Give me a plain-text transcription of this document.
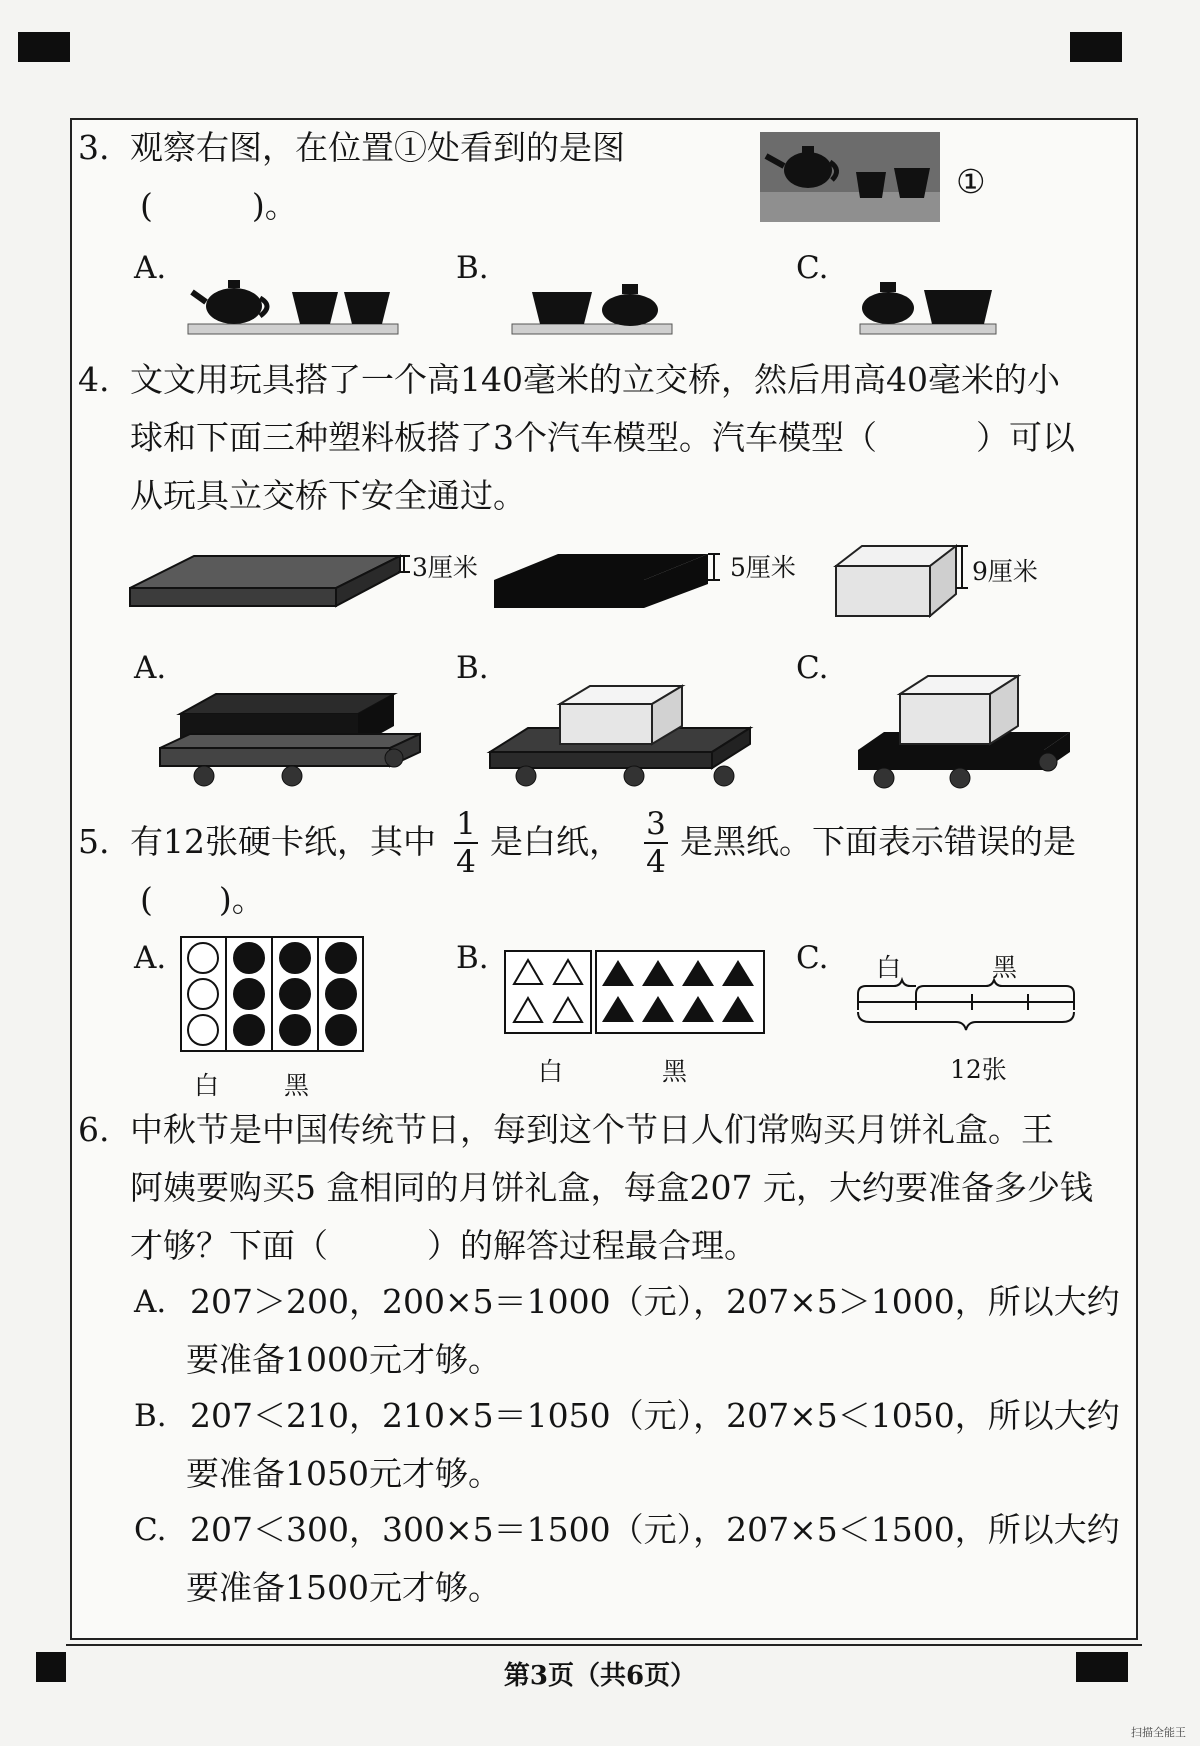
3. 观察右图，在位置①处看到的是图
(　　　)。
①
A.	B.	C.
4. 文文用玩具搭了一个高140毫米的立交桥，然后用高40毫米的小
球和下面三种塑料板搭了3个汽车模型。汽车模型（　　　）可以
从玩具立交桥下安全通过。
3厘米	5厘米	9厘米
A.	B.	C.
5. 有12张硬卡纸，其中 1
4
是白纸， 3
4
是黑纸。下面表示错误的是
(　　)。
A.
白	黑
B.
白	黑
C. 白	黑
12张
6. 中秋节是中国传统节日，每到这个节日人们常购买月饼礼盒。王
阿姨要购买5 盒相同的月饼礼盒，每盒207 元，大约要准备多少钱
才够？下面（　　　）的解答过程最合理。
A. 207＞200，200×5＝1000（元），207×5＞1000，所以大约
要准备1000元才够。
B. 207＜210，210×5＝1050（元），207×5＜1050，所以大约
要准备1050元才够。
C. 207＜300，300×5＝1500（元），207×5＜1500，所以大约
要准备1500元才够。
第3页（共6页）
扫描全能王
